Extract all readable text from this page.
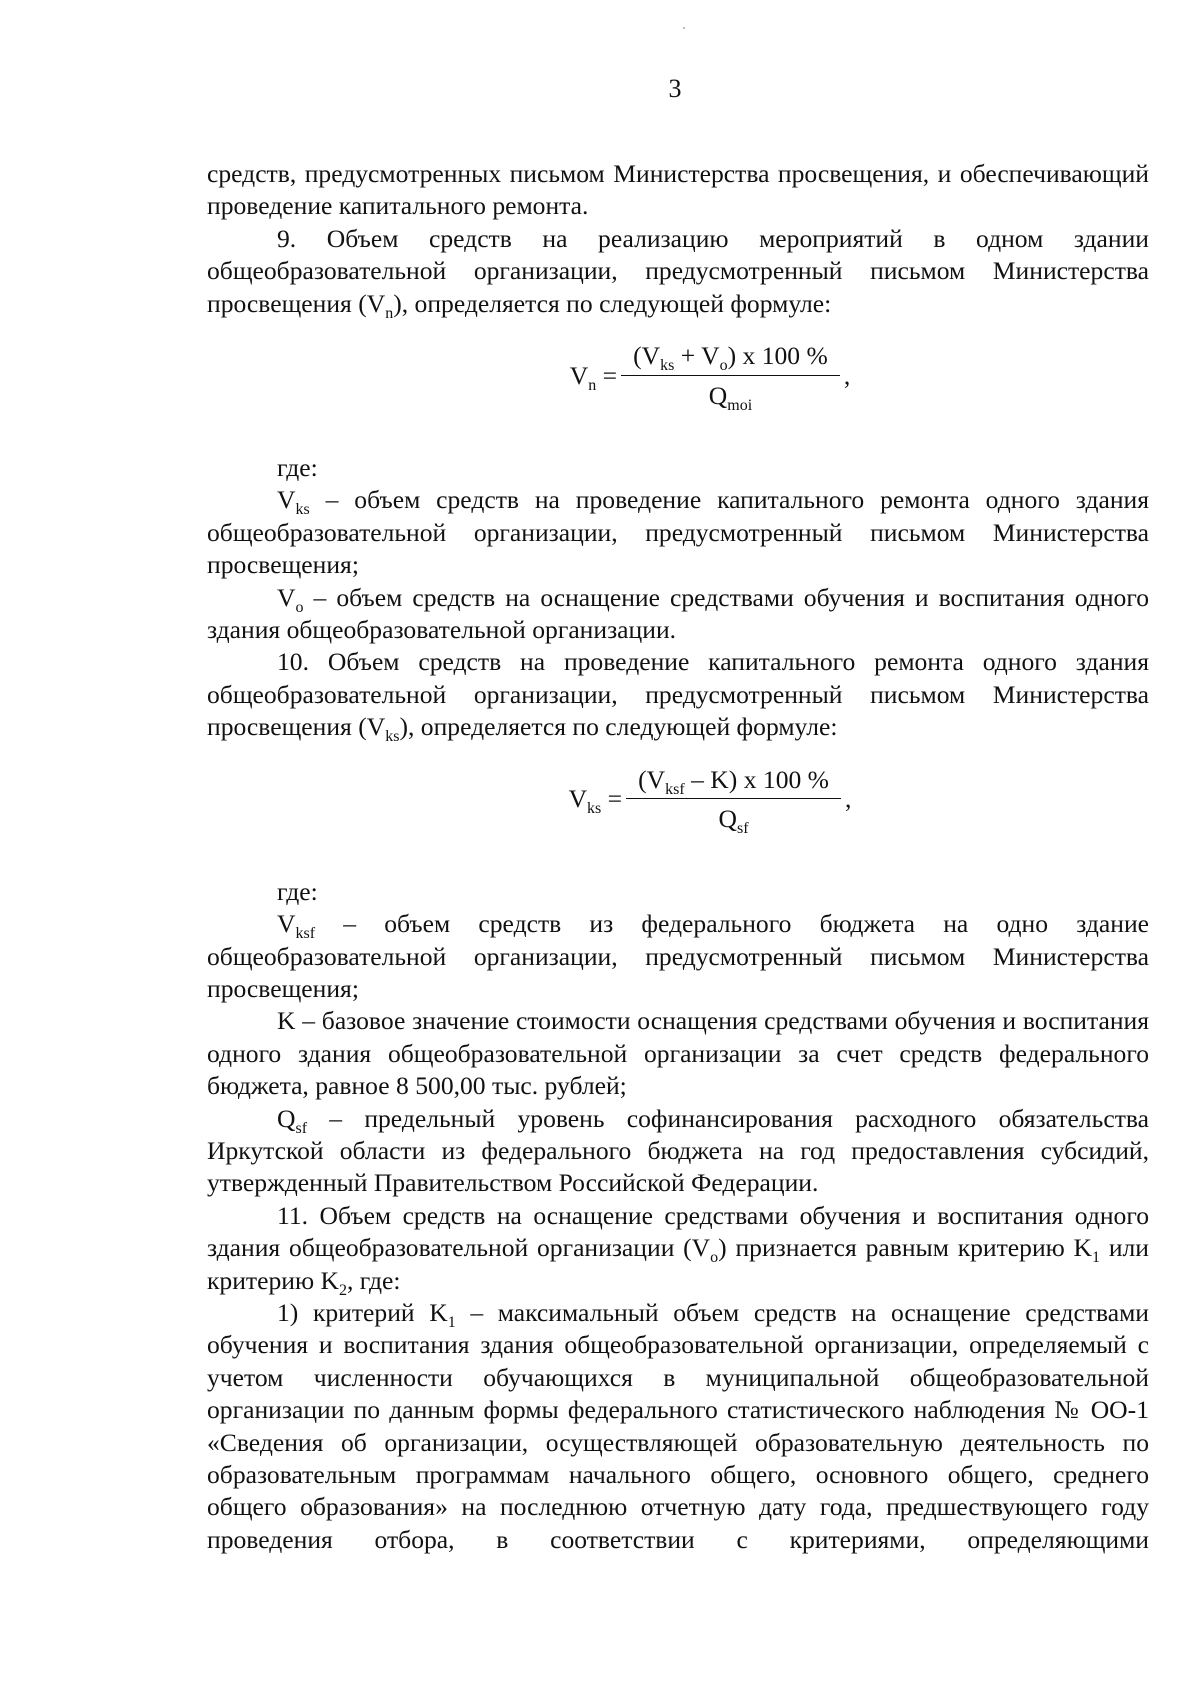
3

средств, предусмотренных письмом Министерства просвещения, и обеспечивающий проведение капитального ремонта.

9. Объем средств на реализацию мероприятий в одном здании общеобразовательной организации, предусмотренный письмом Министерства просвещения $(V_n)$, определяется по следующей формуле:

$V_n = \frac{(V_{ks} + V_o) x 100 \%}{Q_{moi}}$ ,

где:

$V_{ks}$ – объем средств на проведение капитального ремонта одного здания общеобразовательной организации, предусмотренный письмом Министерства просвещения;

$V_o$ – объем средств на оснащение средствами обучения и воспитания одного здания общеобразовательной организации.

10. Объем средств на проведение капитального ремонта одного здания общеобразовательной организации, предусмотренный письмом Министерства просвещения $(V_{ks})$, определяется по следующей формуле:

$V_{ks} = \frac{(V_{ksf} - K) x 100 \%}{Q_{sf}}$ ,

где:

$V_{ksf}$ – объем средств из федерального бюджета на одно здание общеобразовательной организации, предусмотренный письмом Министерства просвещения;

K – базовое значение стоимости оснащения средствами обучения и воспитания одного здания общеобразовательной организации за счет средств федерального бюджета, равное 8 500,00 тыс. рублей;

$Q_{sf}$ – предельный уровень софинансирования расходного обязательства Иркутской области из федерального бюджета на год предоставления субсидий, утвержденный Правительством Российской Федерации.

11. Объем средств на оснащение средствами обучения и воспитания одного здания общеобразовательной организации $(V_o)$ признается равным критерию $K_1$ или критерию $K_2$, где:

1) критерий $K_1$ – максимальный объем средств на оснащение средствами обучения и воспитания здания общеобразовательной организации, определяемый с учетом численности обучающихся в муниципальной общеобразовательной организации по данным формы федерального статистического наблюдения № ОО-1 «Сведения об организации, осуществляющей образовательную деятельность по образовательным программам начального общего, основного общего, среднего общего образования» на последнюю отчетную дату года, предшествующего году проведения отбора, в соответствии с критериями, определяющими
